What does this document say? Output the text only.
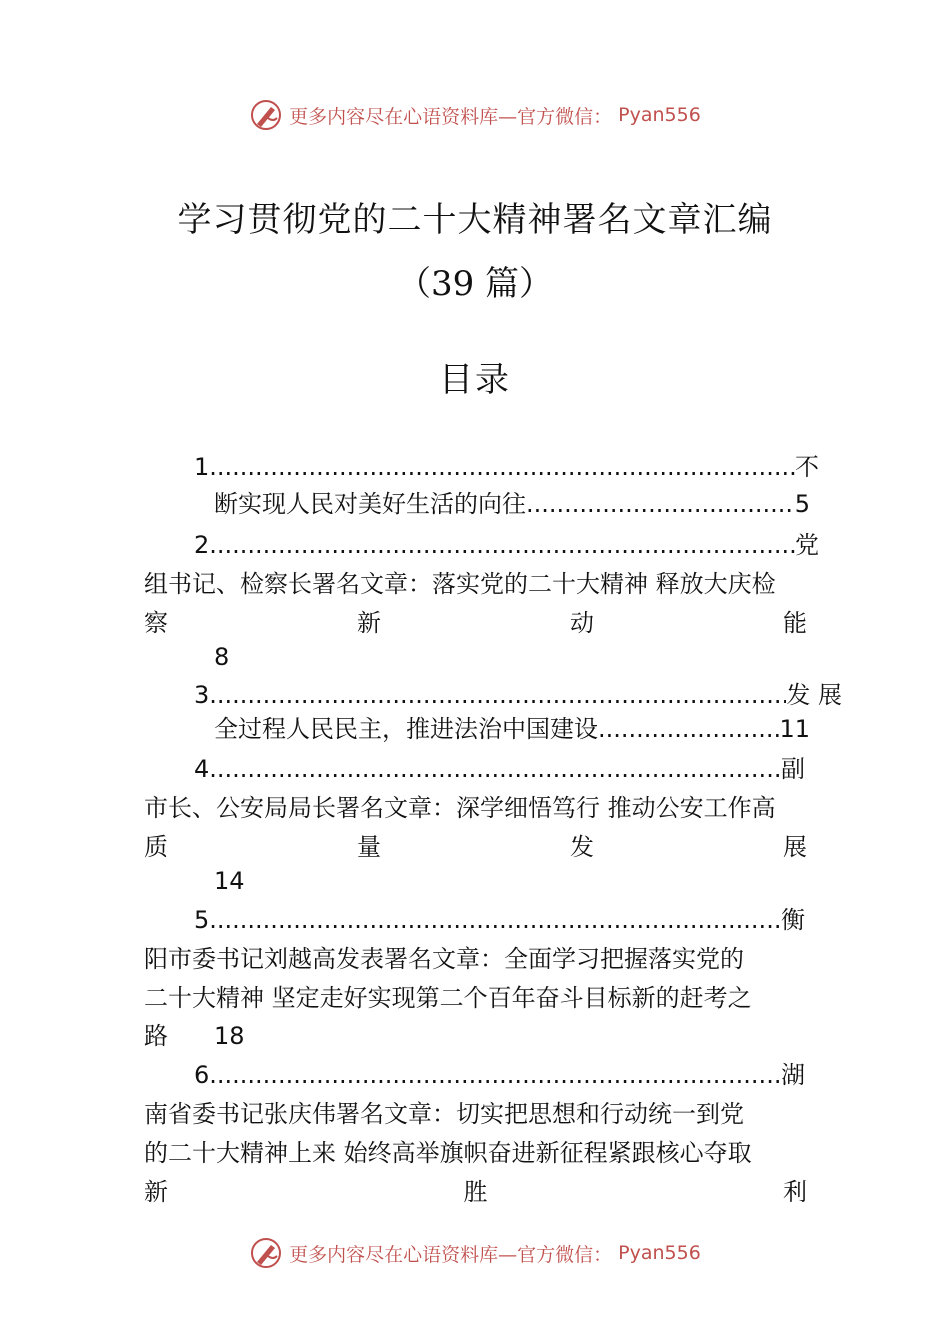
更多内容尽在心语资料库—官方微信： Pyan556
学习贯彻党的二十大精神署名文章汇编
（39 篇）
目录
1. .....	不
断实现人民对美好生活的向往 .....	5
2. .....	党
组书记、检察长署名文章：落实党的二十大精神 释放大庆检
察	新	动	能
8
3. .....	发 展
全过程人民民主，推进法治中国建设 .....	11
4. .....	副
市长、公安局局长署名文章：深学细悟笃行 推动公安工作高
质	量	发	展
14
5. .....	衡
阳市委书记刘越高发表署名文章：全面学习把握落实党的
二十大精神 坚定走好实现第二个百年奋斗目标新的赶考之
路 18
6. .....	湖
南省委书记张庆伟署名文章：切实把思想和行动统一到党
的二十大精神上来 始终高举旗帜奋进新征程紧跟核心夺取
新	胜	利
更多内容尽在心语资料库—官方微信： Pyan556
